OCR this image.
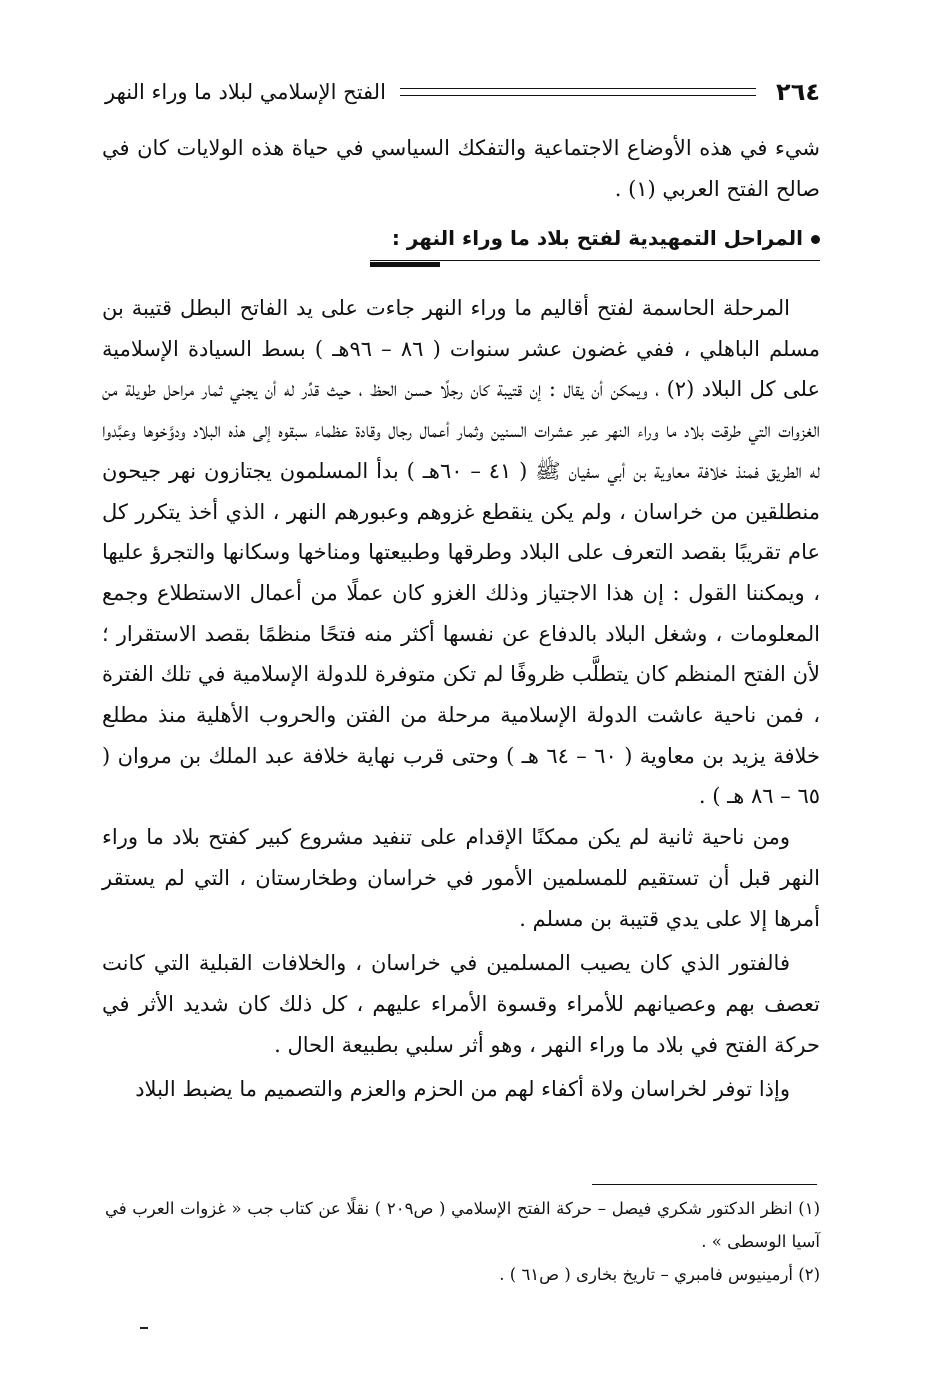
٢٦٤
الفتح الإسلامي لبلاد ما وراء النهر

شيء في هذه الأوضاع الاجتماعية والتفكك السياسي في حياة هذه الولايات كان في صالح الفتح العربي (١) .

المراحل التمهيدية لفتح بلاد ما وراء النهر :

المرحلة الحاسمة لفتح أقاليم ما وراء النهر جاءت على يد الفاتح البطل قتيبة بن مسلم الباهلي ، ففي غضون عشر سنوات ( ٨٦ – ٩٦هـ ) بسط السيادة الإسلامية على كل البلاد (٢) ، ويمكن أن يقال : إن قتيبة كان رجلًا حسن الحظ ، حيث قدِّر له أن يجني ثمار مراحل طويلة من الغزوات التي طرقت بلاد ما وراء النهر عبر عشرات السنين وثمار أعمال رجال وقادة عظماء سبقوه إلى هذه البلاد ودوَّخوها وعبَّدوا له الطريق فمنذ خلافة معاوية بن أبي سفيان ﷺ ( ٤١ – ٦٠هـ ) بدأ المسلمون يجتازون نهر جيحون منطلقين من خراسان ، ولم يكن ينقطع غزوهم وعبورهم النهر ، الذي أخذ يتكرر كل عام تقريبًا بقصد التعرف على البلاد وطرقها وطبيعتها ومناخها وسكانها والتجرؤ عليها ، ويمكننا القول : إن هذا الاجتياز وذلك الغزو كان عملًا من أعمال الاستطلاع وجمع المعلومات ، وشغل البلاد بالدفاع عن نفسها أكثر منه فتحًا منظمًا بقصد الاستقرار ؛ لأن الفتح المنظم كان يتطلَّب ظروفًا لم تكن متوفرة للدولة الإسلامية في تلك الفترة ، فمن ناحية عاشت الدولة الإسلامية مرحلة من الفتن والحروب الأهلية منذ مطلع خلافة يزيد بن معاوية ( ٦٠ – ٦٤ هـ ) وحتى قرب نهاية خلافة عبد الملك بن مروان ( ٦٥ – ٨٦ هـ ) .

ومن ناحية ثانية لم يكن ممكنًا الإقدام على تنفيد مشروع كبير كفتح بلاد ما وراء النهر قبل أن تستقيم للمسلمين الأمور في خراسان وطخارستان ، التي لم يستقر أمرها إلا على يدي قتيبة بن مسلم .

فالفتور الذي كان يصيب المسلمين في خراسان ، والخلافات القبلية التي كانت تعصف بهم وعصيانهم للأمراء وقسوة الأمراء عليهم ، كل ذلك كان شديد الأثر في حركة الفتح في بلاد ما وراء النهر ، وهو أثر سلبي بطبيعة الحال .

وإذا توفر لخراسان ولاة أكفاء لهم من الحزم والعزم والتصميم ما يضبط البلاد

(١) انظر الدكتور شكري فيصل – حركة الفتح الإسلامي ( ص٢٠٩ ) نقلًا عن كتاب جب « غزوات العرب في آسيا الوسطى » .

(٢) أرمينيوس فامبري – تاريخ بخارى ( ص٦١ ) .
